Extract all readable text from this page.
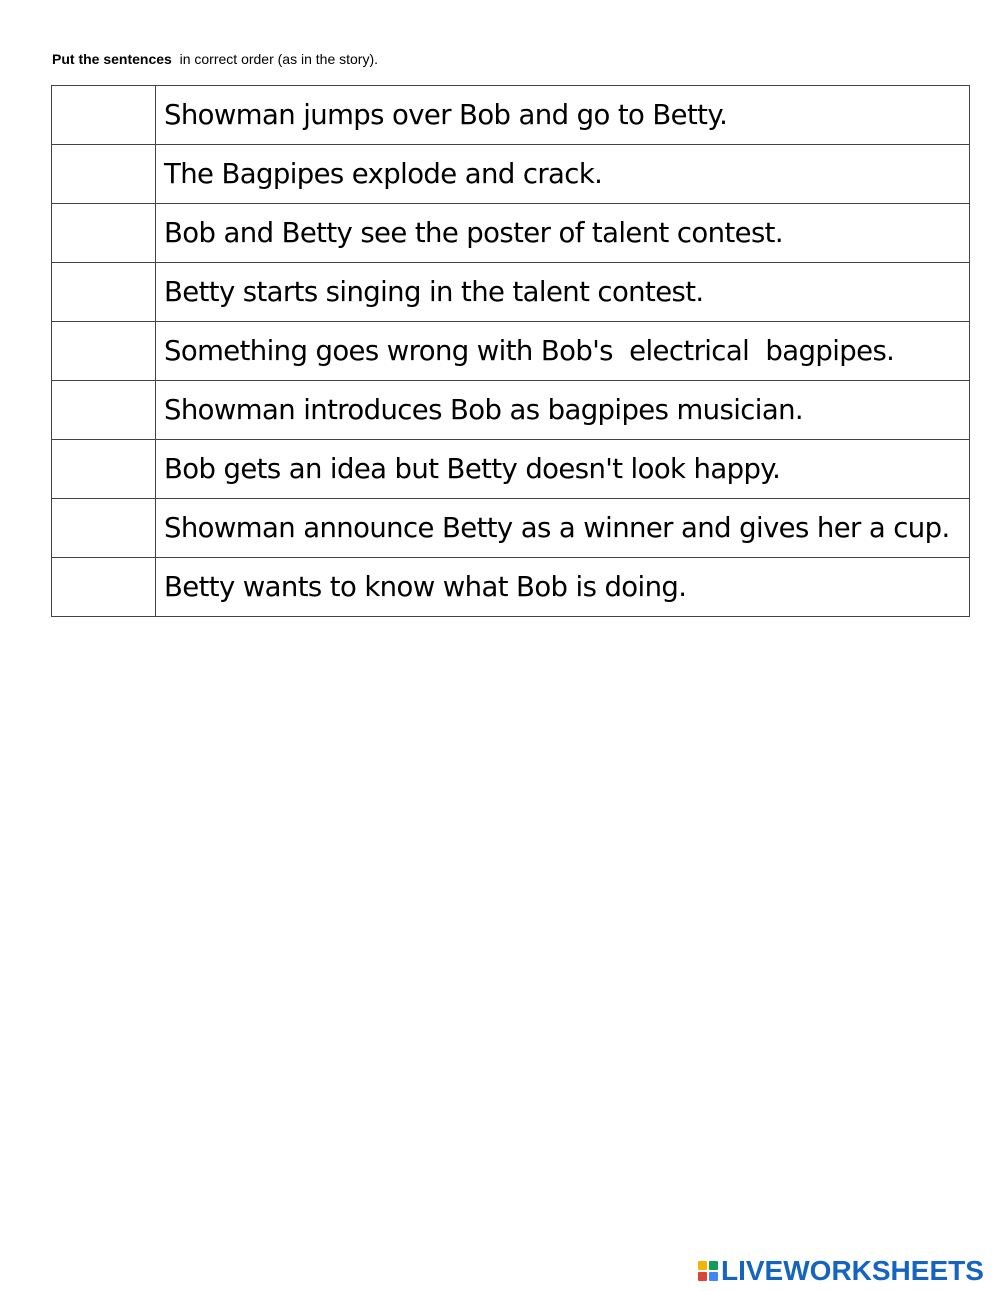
Put the sentences  in correct order (as in the story).
	Showman jumps over Bob and go to Betty.
	The Bagpipes explode and crack.
	Bob and Betty see the poster of talent contest.
	Betty starts singing in the talent contest.
	Something goes wrong with Bob's  electrical  bagpipes.
	Showman introduces Bob as bagpipes musician.
	Bob gets an idea but Betty doesn't look happy.
	Showman announce Betty as a winner and gives her a cup.
	Betty wants to know what Bob is doing.
LIVEWORKSHEETS
